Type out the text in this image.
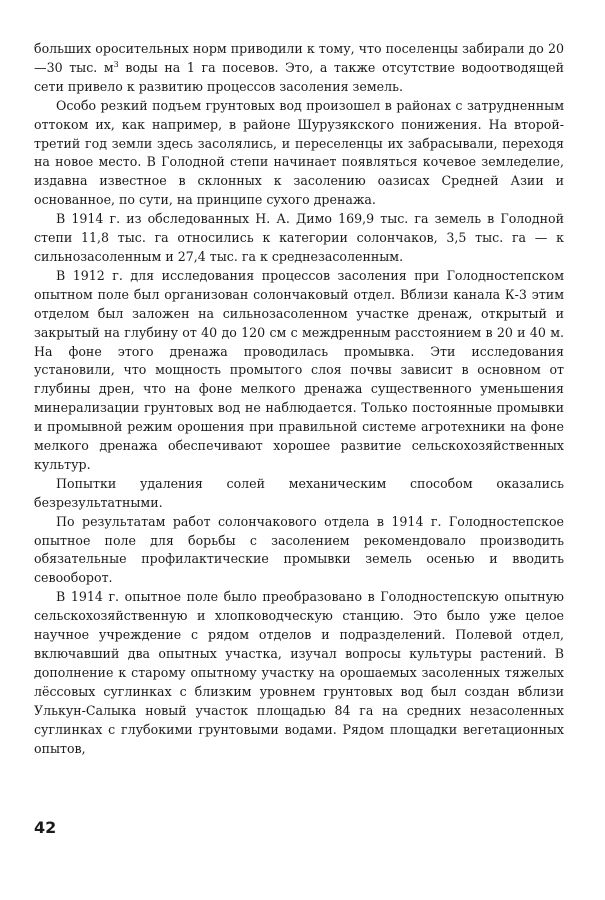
больших оросительных норм приводили к тому, что поселенцы забирали до 20—30 тыс. $м^3$ воды на 1 га посевов. Это, а также отсутствие водоотводящей сети привело к развитию процессов засоления земель.

Особо резкий подъем грунтовых вод произошел в районах с затрудненным оттоком их, как например, в районе Шурузякского понижения. На второй-третий год земли здесь засолялись, и переселенцы их забрасывали, переходя на новое место. В Голодной степи начинает появляться кочевое земледелие, издавна известное в склонных к засолению оазисах Средней Азии и основанное, по сути, на принципе сухого дренажа.

В 1914 г. из обследованных Н. А. Димо 169,9 тыс. га земель в Голодной степи 11,8 тыс. га относились к категории солончаков, 3,5 тыс. га — к сильнозасоленным и 27,4 тыс. га к среднезасоленным.

В 1912 г. для исследования процессов засоления при Голодностепском опытном поле был организован солончаковый отдел. Вблизи канала К-3 этим отделом был заложен на сильнозасоленном участке дренаж, открытый и закрытый на глубину от 40 до 120 см с междренным расстоянием в 20 и 40 м. На фоне этого дренажа проводилась промывка. Эти исследования установили, что мощность промытого слоя почвы зависит в основном от глубины дрен, что на фоне мелкого дренажа существенного уменьшения минерализации грунтовых вод не наблюдается. Только постоянные промывки и промывной режим орошения при правильной системе агротехники на фоне мелкого дренажа обеспечивают хорошее развитие сельскохозяйственных культур.

Попытки удаления солей механическим способом оказались безрезультатными.

По результатам работ солончакового отдела в 1914 г. Голодностепское опытное поле для борьбы с засолением рекомендовало производить обязательные профилактические промывки земель осенью и вводить севооборот.

В 1914 г. опытное поле было преобразовано в Голодностепскую опытную сельскохозяйственную и хлопководческую станцию. Это было уже целое научное учреждение с рядом отделов и подразделений. Полевой отдел, включавший два опытных участка, изучал вопросы культуры растений. В дополнение к старому опытному участку на орошаемых засоленных тяжелых лёссовых суглинках с близким уровнем грунтовых вод был создан вблизи Улькун-Салыка новый участок площадью 84 га на средних незасоленных суглинках с глубокими грунтовыми водами. Рядом площадки вегетационных опытов,

42
